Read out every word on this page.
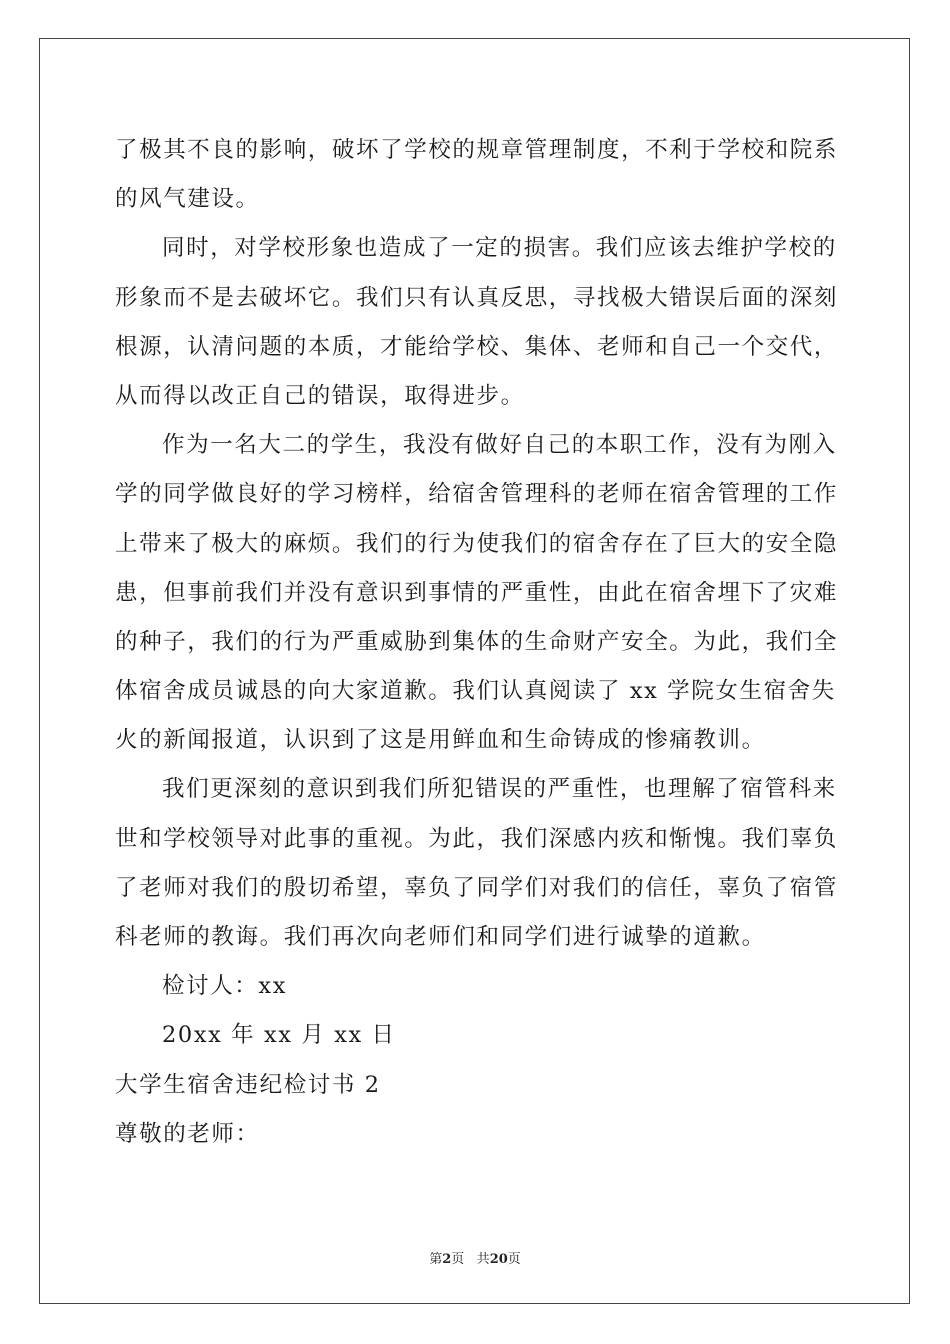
了极其不良的影响，破坏了学校的规章管理制度，不利于学校和院系
的风气建设。
同时，对学校形象也造成了一定的损害。我们应该去维护学校的
形象而不是去破坏它。我们只有认真反思，寻找极大错误后面的深刻
根源，认清问题的本质，才能给学校、集体、老师和自己一个交代，
从而得以改正自己的错误，取得进步。
作为一名大二的学生，我没有做好自己的本职工作，没有为刚入
学的同学做良好的学习榜样，给宿舍管理科的老师在宿舍管理的工作
上带来了极大的麻烦。我们的行为使我们的宿舍存在了巨大的安全隐
患，但事前我们并没有意识到事情的严重性，由此在宿舍埋下了灾难
的种子，我们的行为严重威胁到集体的生命财产安全。为此，我们全
体宿舍成员诚恳的向大家道歉。我们认真阅读了 xx 学院女生宿舍失
火的新闻报道，认识到了这是用鲜血和生命铸成的惨痛教训。
我们更深刻的意识到我们所犯错误的严重性，也理解了宿管科来
世和学校领导对此事的重视。为此，我们深感内疚和惭愧。我们辜负
了老师对我们的殷切希望，辜负了同学们对我们的信任，辜负了宿管
科老师的教诲。我们再次向老师们和同学们进行诚挚的道歉。
检讨人：xx
20xx 年 xx 月 xx 日
大学生宿舍违纪检讨书 2
尊敬的老师：
第2页 共20页
